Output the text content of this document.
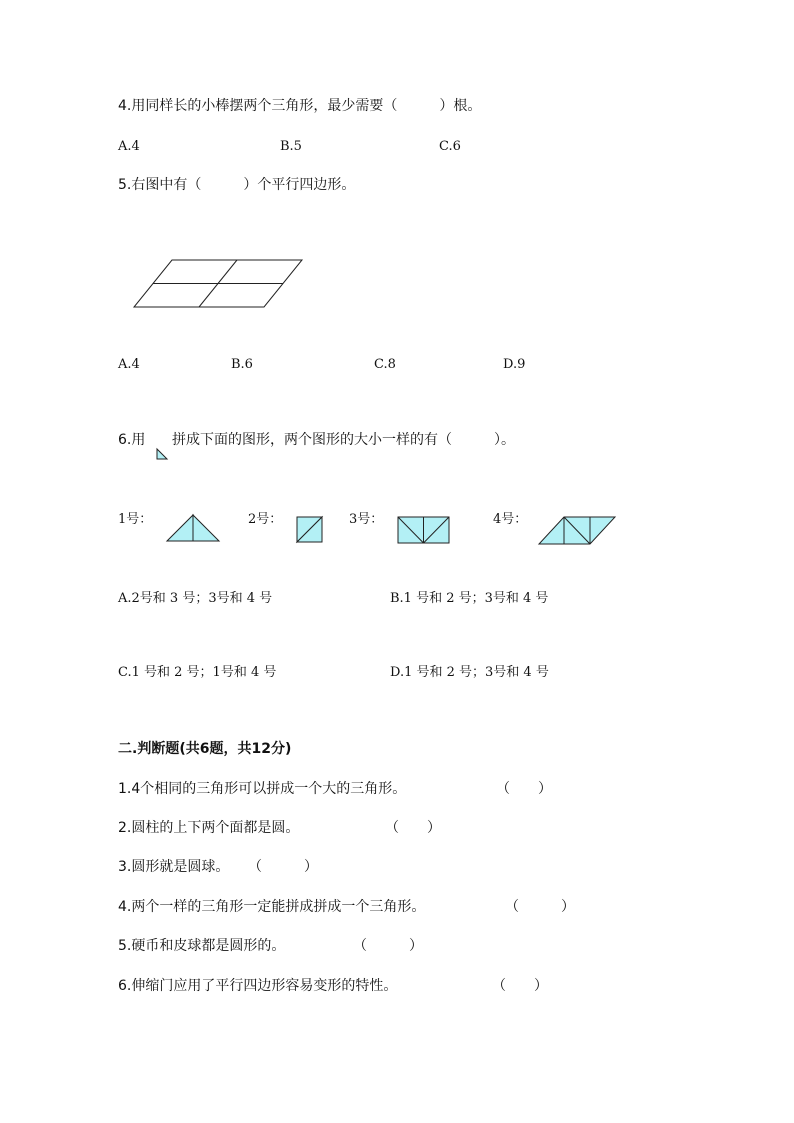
4.用同样长的小棒摆两个三角形，最少需要（　　　）根。
A.4	B.5	C.6
5.右图中有（　　　）个平行四边形。
A.4	B.6	C.8	D.9
6.用 拼成下面的图形，两个图形的大小一样的有（　　　）。
1号：	2号：	3号：	4号：
A.2号和 3 号；3号和 4 号	B.1 号和 2 号；3号和 4 号
C.1 号和 2 号；1号和 4 号	D.1 号和 2 号；3号和 4 号
二.判断题(共6题，共12分)
1.4个相同的三角形可以拼成一个大的三角形。	（　　）
2.圆柱的上下两个面都是圆。	（　　）
3.圆形就是圆球。 （　　　）
4.两个一样的三角形一定能拼成拼成一个三角形。	（　　　）
5.硬币和皮球都是圆形的。	（　　　）
6.伸缩门应用了平行四边形容易变形的特性。	（　　）
